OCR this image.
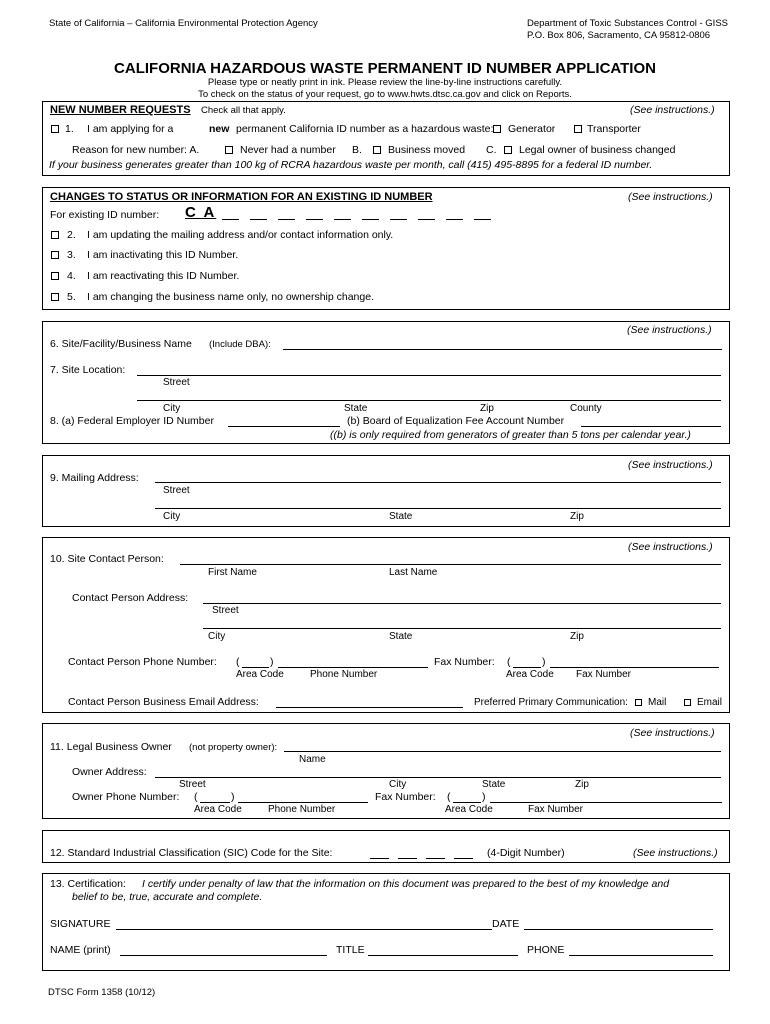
State of California – California Environmental Protection Agency	Department of Toxic Substances Control - GISS
P.O. Box 806, Sacramento, CA 95812-0806
CALIFORNIA HAZARDOUS WASTE PERMANENT ID NUMBER APPLICATION
Please type or neatly print in ink. Please review the line-by-line instructions carefully.
To check on the status of your request, go to www.hwts.dtsc.ca.gov and click on Reports.
NEW NUMBER REQUESTS Check all that apply.	(See instructions.)
1. I am applying for a	new permanent California ID number as a hazardous waste: Generator	Transporter
Reason for new number: A.	Never had a number B. Business moved C. Legal owner of business changed
If your business generates greater than 100 kg of RCRA hazardous waste per month, call (415) 495-8895 for a federal ID number.
CHANGES TO STATUS OR INFORMATION FOR AN EXISTING ID NUMBER	(See instructions.)
For existing ID number: C A
2. I am updating the mailing address and/or contact information only.
3. I am inactivating this ID Number.
4. I am reactivating this ID Number.
5. I am changing the business name only, no ownership change.
(See instructions.)
6. Site/Facility/Business Name (Include DBA):
7. Site Location:
Street
City	State	Zip	County
8. (a) Federal Employer ID Number	(b) Board of Equalization Fee Account Number
((b) is only required from generators of greater than 5 tons per calendar year.)
(See instructions.)
9. Mailing Address:
Street
City	State	Zip
(See instructions.)
10. Site Contact Person:
First Name	Last Name
Contact Person Address:
Street
City	State	Zip
Contact Person Phone Number: (	)
Area Code	Phone Number
Fax Number: (	)
Area Code Fax Number
Contact Person Business Email Address:	Preferred Primary Communication: Mail	Email
(See instructions.)
11. Legal Business Owner (not property owner):
Name
Owner Address:
Street	City	State	Zip
Owner Phone Number: (	)
Area Code	Phone Number
Fax Number: (	)
Area Code	Fax Number
12. Standard Industrial Classification (SIC) Code for the Site:	(4-Digit Number)	(See instructions.)
13. Certification: I certify under penalty of law that the information on this document was prepared to the best of my knowledge and
belief to be, true, accurate and complete.
SIGNATURE	DATE
NAME (print)	TITLE	PHONE
DTSC Form 1358 (10/12)
